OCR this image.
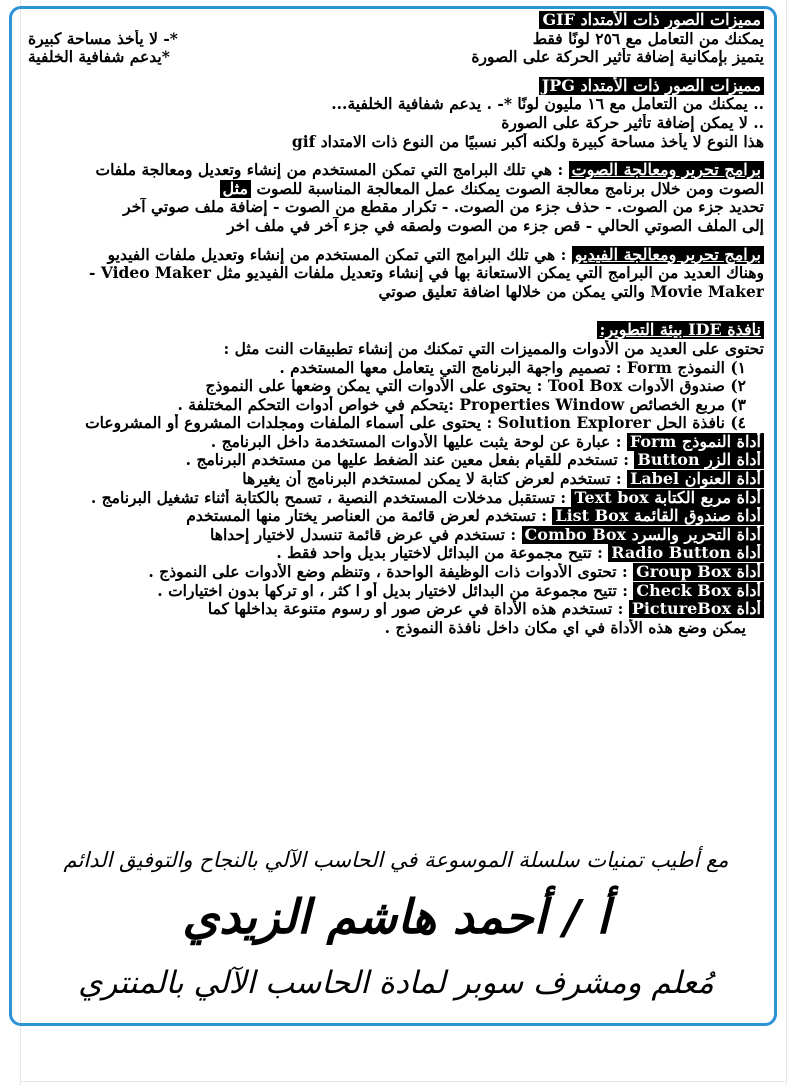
مميزات الصور ذات الأمتداد GIF
يمكنك من التعامل مع ٢٥٦ لونًا فقط
*- لا يأخذ مساحة كبيرة
يتميز بإمكانية إضافة تأثير الحركة على الصورة
*يدعم شفافية الخلفية
مميزات الصور ذات الأمتداد JPG
.. يمكنك من التعامل مع ١٦ مليون لونًا *- . يدعم شفافية الخلفية...
.. لا يمكن إضافة تأثير حركة على الصورة
هذا النوع لا يأخذ مساحة كبيرة ولكنه أكبر نسبيًا من النوع ذات الامتداد gif
برامج تحرير ومعالجة الصوت : هي تلك البرامج التي تمكن المستخدم من إنشاء وتعديل ومعالجة ملفات
الصوت ومن خلال برنامج معالجة الصوت يمكنك عمل المعالجة المناسبة للصوت مثل
تحديد جزء من الصوت. - حذف جزء من الصوت. - تكرار مقطع من الصوت - إضافة ملف صوتي آخر
إلى الملف الصوتي الحالي - قص جزء من الصوت ولصقه في جزء آخر في ملف اخر
برامج تحرير ومعالجة الفيديو : هي تلك البرامج التي تمكن المستخدم من إنشاء وتعديل ملفات الفيديو
وهناك العديد من البرامج التي يمكن الاستعانة بها في إنشاء وتعديل ملفات الفيديو مثل Video Maker -
Movie Maker والتي يمكن من خلالها اضافة تعليق صوتي
نافذة IDE بيئة التطوير:
تحتوى على العديد من الأدوات والمميزات التي تمكنك من إنشاء تطبيقات النت مثل :
١) النموذج Form : تصميم واجهة البرنامج التي يتعامل معها المستخدم .
٢) صندوق الأدوات Tool Box : يحتوى على الأدوات التي يمكن وضعها على النموذج
٣) مربع الخصائص Properties Window :يتحكم في خواص أدوات التحكم المختلفة .
٤) نافذة الحل Solution Explorer : يحتوى على أسماء الملفات ومجلدات المشروع أو المشروعات
أداة النموذج Form : عبارة عن لوحة يثبت عليها الأدوات المستخدمة داخل البرنامج .
أداة الزر Button : تستخدم للقيام بفعل معين عند الضغط عليها من مستخدم البرنامج .
أداة العنوان Label : تستخدم لعرض كتابة لا يمكن لمستخدم البرنامج أن يغيرها
أداة مربع الكتابة Text box : تستقبل مدخلات المستخدم النصية ، تسمح بالكتابة أثناء تشغيل البرنامج .
أداة صندوق القائمة List Box : تستخدم لعرض قائمة من العناصر يختار منها المستخدم
أداة التحرير والسرد Combo Box : تستخدم في عرض قائمة تنسدل لاختيار إحداها
أداة Radio Button : تتيح مجموعة من البدائل لاختيار بديل واحد فقط .
أداة Group Box : تحتوى الأدوات ذات الوظيفة الواحدة ، وتنظم وضع الأدوات على النموذج .
أداة Check Box : تتيح مجموعة من البدائل لاختيار بديل أو ا كثر ، او تركها بدون اختيارات .
أداة PictureBox : تستخدم هذه الأداة في عرض صور او رسوم متنوعة بداخلها كما
يمكن وضع هذه الأداة في اي مكان داخل نافذة النموذج .
مع أطيب تمنيات سلسلة الموسوعة في الحاسب الآلي بالنجاح والتوفيق الدائم
أ / أحمد هاشم الزيدي
مُعلم ومشرف سوبر لمادة الحاسب الآلي بالمنتري
